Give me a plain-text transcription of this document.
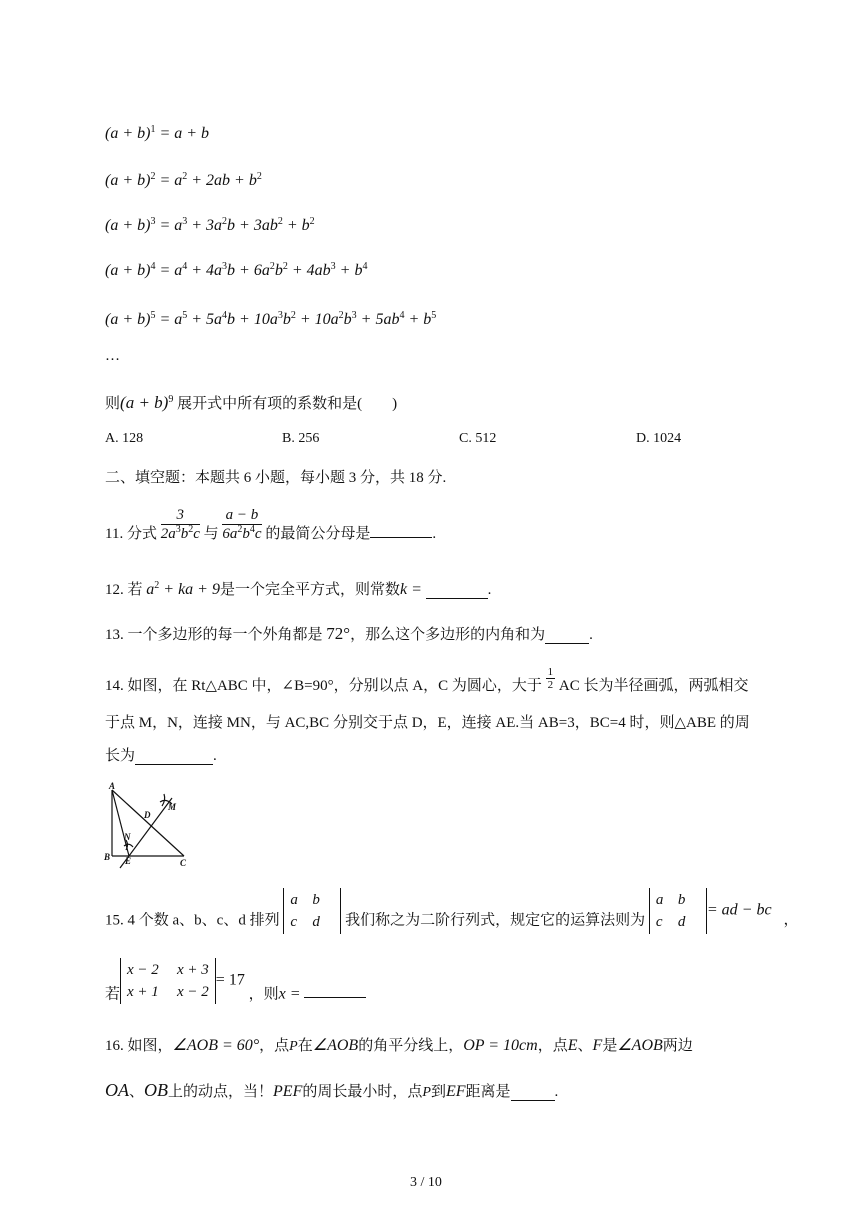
$(a + b)^1 = a + b$
$(a + b)^2 = a^2 + 2ab + b^2$
$(a + b)^3 = a^3 + 3a^2b + 3ab^2 + b^2$
$(a + b)^4 = a^4 + 4a^3b + 6a^2b^2 + 4ab^3 + b^4$
$(a + b)^5 = a^5 + 5a^4b + 10a^3b^2 + 10a^2b^3 + 5ab^4 + b^5$
…
则$(a + b)^9$ 展开式中所有项的系数和是(　　)
A. 128	B. 256	C. 512	D. 1024
二、填空题：本题共 6 小题，每小题 3 分，共 18 分.
11. 分式 $\frac{3}{2a^3b^2c}$ 与 $\frac{a - b}{6a^2b^4c}$ 的最简公分母是	.
12. 若 $a^2$ + ka + 9是一个完全平方式，则常数k =	.
13. 一个多边形的每一个外角都是 72°，那么这个多边形的内角和为	.
14. 如图，在 Rt△ABC 中，∠B=90°，分别以点 A，C 为圆心，大于 $\frac{1}{2}$ AC 长为半径画弧，两弧相交
于点 M，N，连接 MN，与 AC,BC 分别交于点 D，E，连接 AE.当 AB=3，BC=4 时，则△ABE 的周
长为	.
A
B
C
D
E
M
N
15. 4 个数 a、b、c、d 排列 a b
c d 我们称之为二阶行列式，规定它的运算法则为 a b
c d= ad − bc，
若x − 2 x + 3
x + 1 x − 2= 17 ，则x =
16. 如图，∠AOB = 60°，点P在∠AOB的角平分线上，OP = 10cm，点E、F是∠AOB两边
OA、OB上的动点，当！PEF的周长最小时，点P到EF距离是	.
3 / 10
